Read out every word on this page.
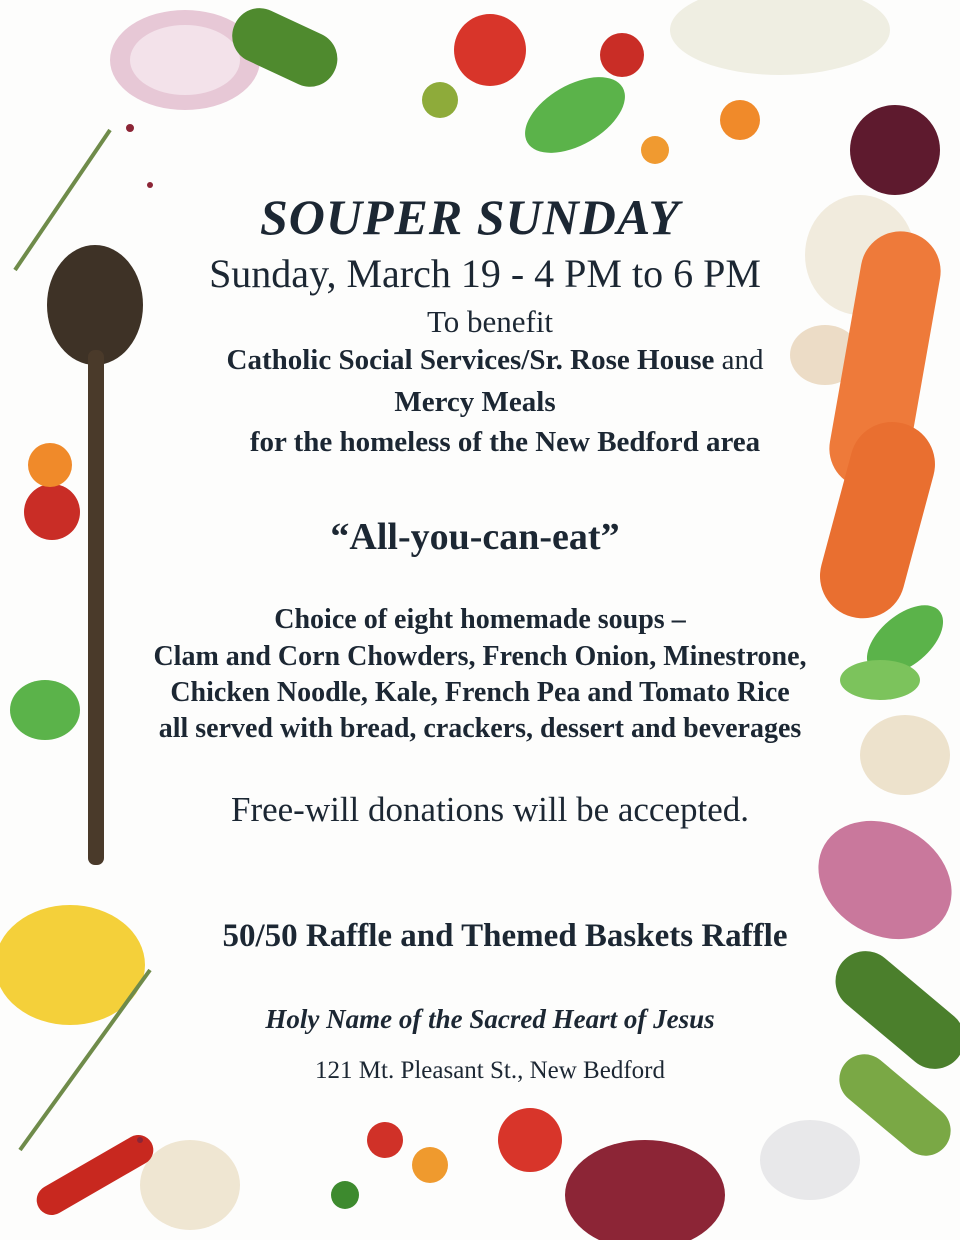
SOUPER SUNDAY
Sunday, March 19 - 4 PM to 6 PM
To benefit
Catholic Social Services/Sr. Rose House and
Mercy Meals
for the homeless of the New Bedford area
“All-you-can-eat”
Choice of eight homemade soups –
Clam and Corn Chowders, French Onion, Minestrone,
Chicken Noodle, Kale, French Pea and Tomato Rice
all served with bread, crackers, dessert and beverages
Free-will donations will be accepted.
50/50 Raffle and Themed Baskets Raffle
Holy Name of the Sacred Heart of Jesus
121 Mt. Pleasant St., New Bedford
